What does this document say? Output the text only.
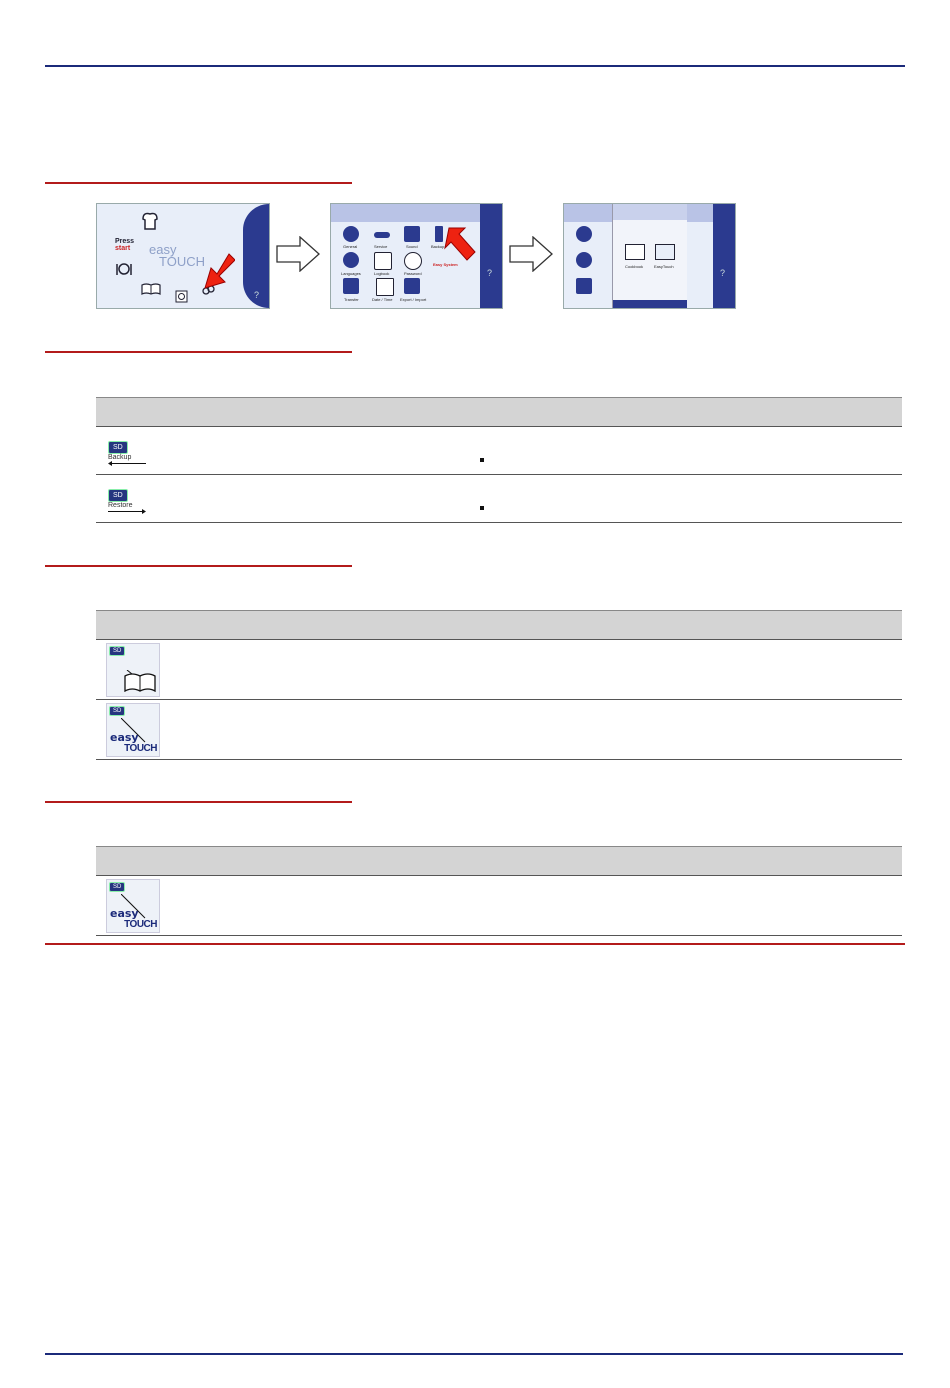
Press
start easy
TOUCH
?
?
General	Service	Sound	Backup
Languages	Logbook	Password
Easy System
Transfer	Date / Time Export / Import
?
Cookbook	EasyTouch

SD
Backup		

SD
Restore		

SD		

SD
easy
TOUCH		

SD
easy
TOUCH		
